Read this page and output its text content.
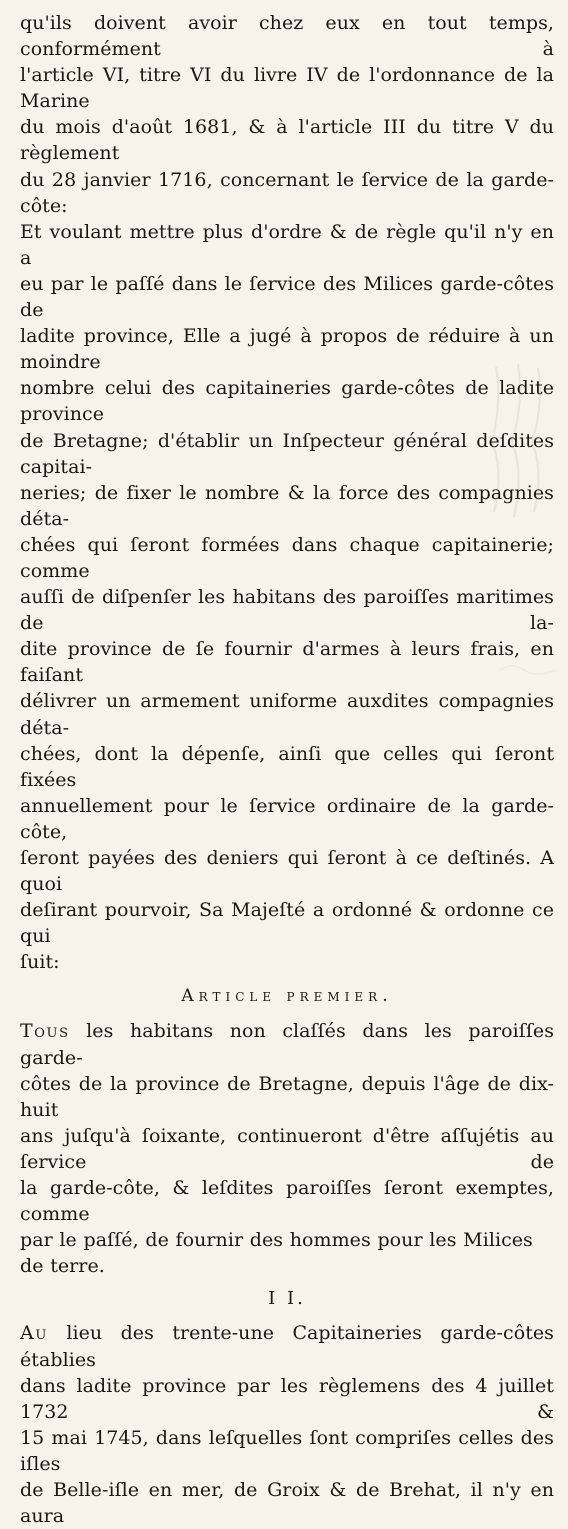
qu'ils doivent avoir chez eux en tout temps, conformément à
l'article VI, titre VI du livre IV de l'ordonnance de la Marine
du mois d'août 1681, & à l'article III du titre V du règlement
du 28 janvier 1716, concernant le ſervice de la garde-côte:
Et voulant mettre plus d'ordre & de règle qu'il n'y en a
eu par le paſſé dans le ſervice des Milices garde-côtes de
ladite province, Elle a jugé à propos de réduire à un moindre
nombre celui des capitaineries garde-côtes de ladite province
de Bretagne; d'établir un Inſpecteur général deſdites capitai-
neries; de fixer le nombre & la force des compagnies déta-
chées qui ſeront formées dans chaque capitainerie; comme
auſſi de diſpenſer les habitans des paroiſſes maritimes de la-
dite province de ſe fournir d'armes à leurs frais, en faiſant
délivrer un armement uniforme auxdites compagnies déta-
chées, dont la dépenſe, ainſi que celles qui ſeront fixées
annuellement pour le ſervice ordinaire de la garde-côte,
ſeront payées des deniers qui ſeront à ce deſtinés. A quoi
deſirant pourvoir, Sa Majeſté a ordonné & ordonne ce qui
ſuit:
Article premier.
Tous les habitans non claſſés dans les paroiſſes garde-
côtes de la province de Bretagne, depuis l'âge de dix-huit
ans juſqu'à ſoixante, continueront d'être aſſujétis au ſervice de
la garde-côte, & leſdites paroiſſes ſeront exemptes, comme
par le paſſé, de fournir des hommes pour les Milices de terre.
I I.
Au lieu des trente-une Capitaineries garde-côtes établies
dans ladite province par les règlemens des 4 juillet 1732 &
15 mai 1745, dans leſquelles ſont compriſes celles des iſles
de Belle-iſle en mer, de Groix & de Brehat, il n'y en aura
